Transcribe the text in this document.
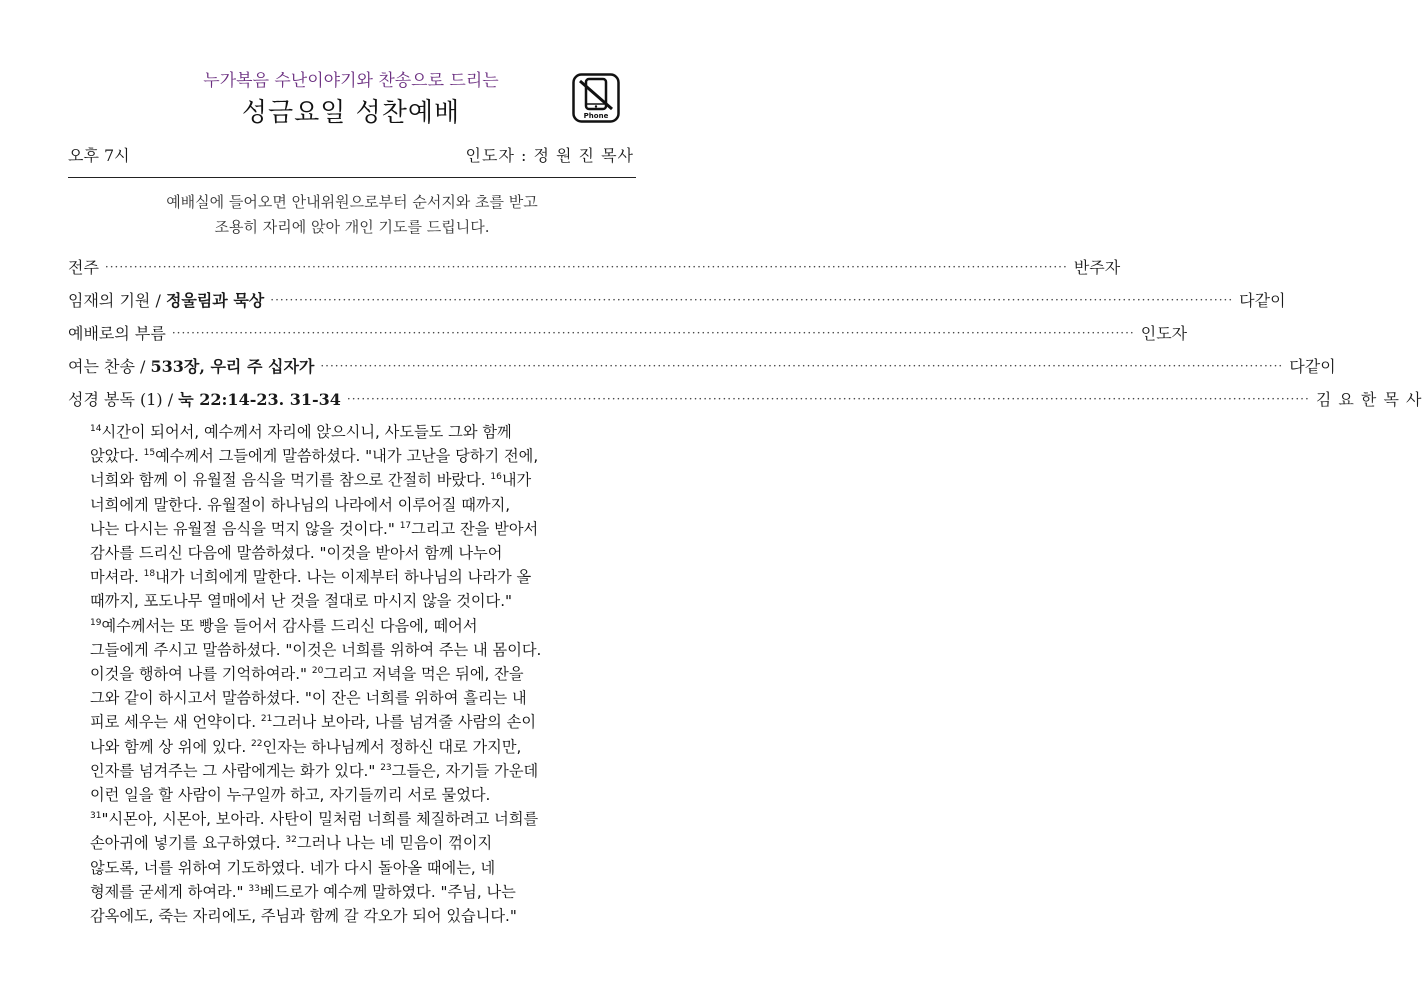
누가복음 수난이야기와 찬송으로 드리는
성금요일 성찬예배	Phone
오후 7시	인도자 : 정 원 진 목사
예배실에 들어오면 안내위원으로부터 순서지와 초를 받고
조용히 자리에 앉아 개인 기도를 드립니다.
전주 ········································································································································································································ 반 주 자
임재의 기원 / 정울림과 묵상 ········································································································································································································ 다 같 이
예배로의 부름 ········································································································································································································ 인 도 자
여는 찬송 / 533장, 우리 주 십자가 ········································································································································································································ 다 같 이
성경 봉독 (1) / 눅 22:14-23. 31-34 ········································································································································································································ 김 요 한 목 사
$^{14}$시간이 되어서, 예수께서 자리에 앉으시니, 사도들도 그와 함께
앉았다. $^{15}$예수께서 그들에게 말씀하셨다. "내가 고난을 당하기 전에,
너희와 함께 이 유월절 음식을 먹기를 참으로 간절히 바랐다. $^{16}$내가
너희에게 말한다. 유월절이 하나님의 나라에서 이루어질 때까지,
나는 다시는 유월절 음식을 먹지 않을 것이다." $^{17}$그리고 잔을 받아서
감사를 드리신 다음에 말씀하셨다. "이것을 받아서 함께 나누어
마셔라. $^{18}$내가 너희에게 말한다. 나는 이제부터 하나님의 나라가 올
때까지, 포도나무 열매에서 난 것을 절대로 마시지 않을 것이다."
$^{19}$예수께서는 또 빵을 들어서 감사를 드리신 다음에, 떼어서
그들에게 주시고 말씀하셨다. "이것은 너희를 위하여 주는 내 몸이다.
이것을 행하여 나를 기억하여라." $^{20}$그리고 저녁을 먹은 뒤에, 잔을
그와 같이 하시고서 말씀하셨다. "이 잔은 너희를 위하여 흘리는 내
피로 세우는 새 언약이다. $^{21}$그러나 보아라, 나를 넘겨줄 사람의 손이
나와 함께 상 위에 있다. $^{22}$인자는 하나님께서 정하신 대로 가지만,
인자를 넘겨주는 그 사람에게는 화가 있다." $^{23}$그들은, 자기들 가운데
이런 일을 할 사람이 누구일까 하고, 자기들끼리 서로 물었다.
$^{31}$"시몬아, 시몬아, 보아라. 사탄이 밀처럼 너희를 체질하려고 너희를
손아귀에 넣기를 요구하였다. $^{32}$그러나 나는 네 믿음이 꺾이지
않도록, 너를 위하여 기도하였다. 네가 다시 돌아올 때에는, 네
형제를 굳세게 하여라." $^{33}$베드로가 예수께 말하였다. "주님, 나는
감옥에도, 죽는 자리에도, 주님과 함께 갈 각오가 되어 있습니다."
